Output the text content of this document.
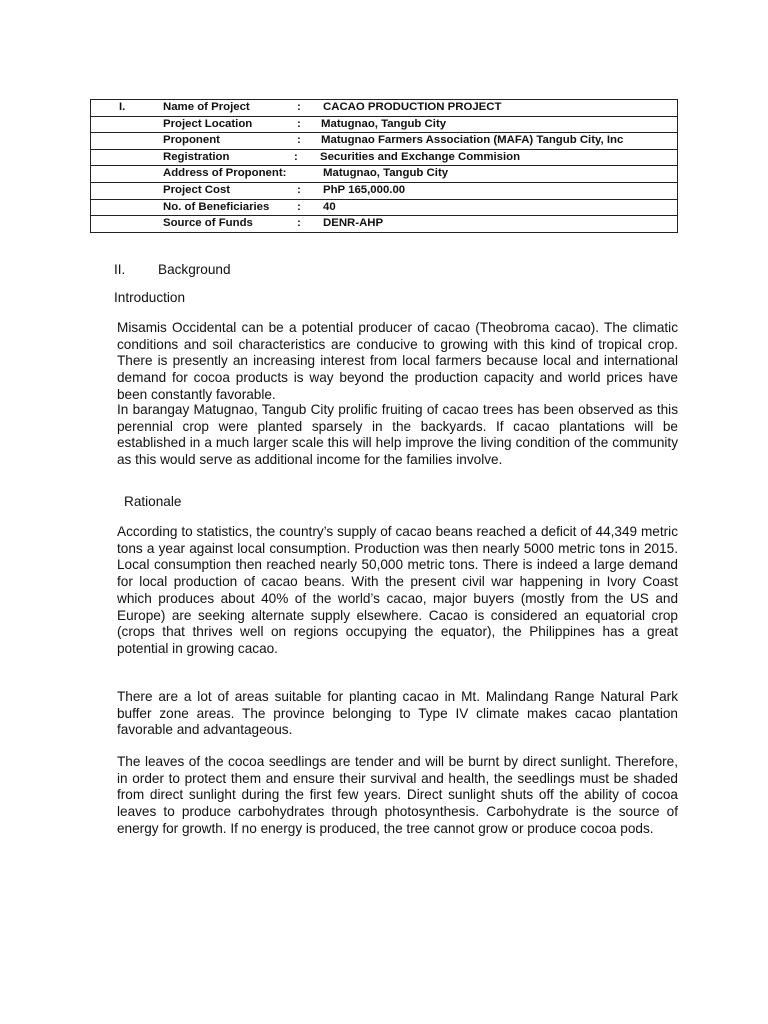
I.	Name of Project	: CACAO PRODUCTION PROJECT

Project Location	: Matugnao, Tangub City

Proponent	: Matugnao Farmers Association (MAFA) Tangub City, Inc

Registration	: Securities and Exchange Commision

Address of Proponent:	Matugnao, Tangub City

Project Cost	: PhP 165,000.00

No. of Beneficiaries : 40

Source of Funds	: DENR-AHP
II. Background
Introduction

Misamis Occidental can be a potential producer of cacao (Theobroma cacao). The climatic conditions and soil characteristics are conducive to growing with this kind of tropical crop. There is presently an increasing interest from local farmers because local and international demand for cocoa products is way beyond the production capacity and world prices have been constantly favorable.

In barangay Matugnao, Tangub City prolific fruiting of cacao trees has been observed as this perennial crop were planted sparsely in the backyards. If cacao plantations will be established in a much larger scale this will help improve the living condition of the community as this would serve as additional income for the families involve.

Rationale

According to statistics, the country’s supply of cacao beans reached a deficit of 44,349 metric tons a year against local consumption. Production was then nearly 5000 metric tons in 2015. Local consumption then reached nearly 50,000 metric tons. There is indeed a large demand for local production of cacao beans. With the present civil war happening in Ivory Coast which produces about 40% of the world’s cacao, major buyers (mostly from the US and Europe) are seeking alternate supply elsewhere. Cacao is considered an equatorial crop (crops that thrives well on regions occupying the equator), the Philippines has a great potential in growing cacao.

There are a lot of areas suitable for planting cacao in Mt. Malindang Range Natural Park buffer zone areas. The province belonging to Type IV climate makes cacao plantation favorable and advantageous.

The leaves of the cocoa seedlings are tender and will be burnt by direct sunlight. Therefore, in order to protect them and ensure their survival and health, the seedlings must be shaded from direct sunlight during the first few years. Direct sunlight shuts off the ability of cocoa leaves to produce carbohydrates through photosynthesis. Carbohydrate is the source of energy for growth. If no energy is produced, the tree cannot grow or produce cocoa pods.
